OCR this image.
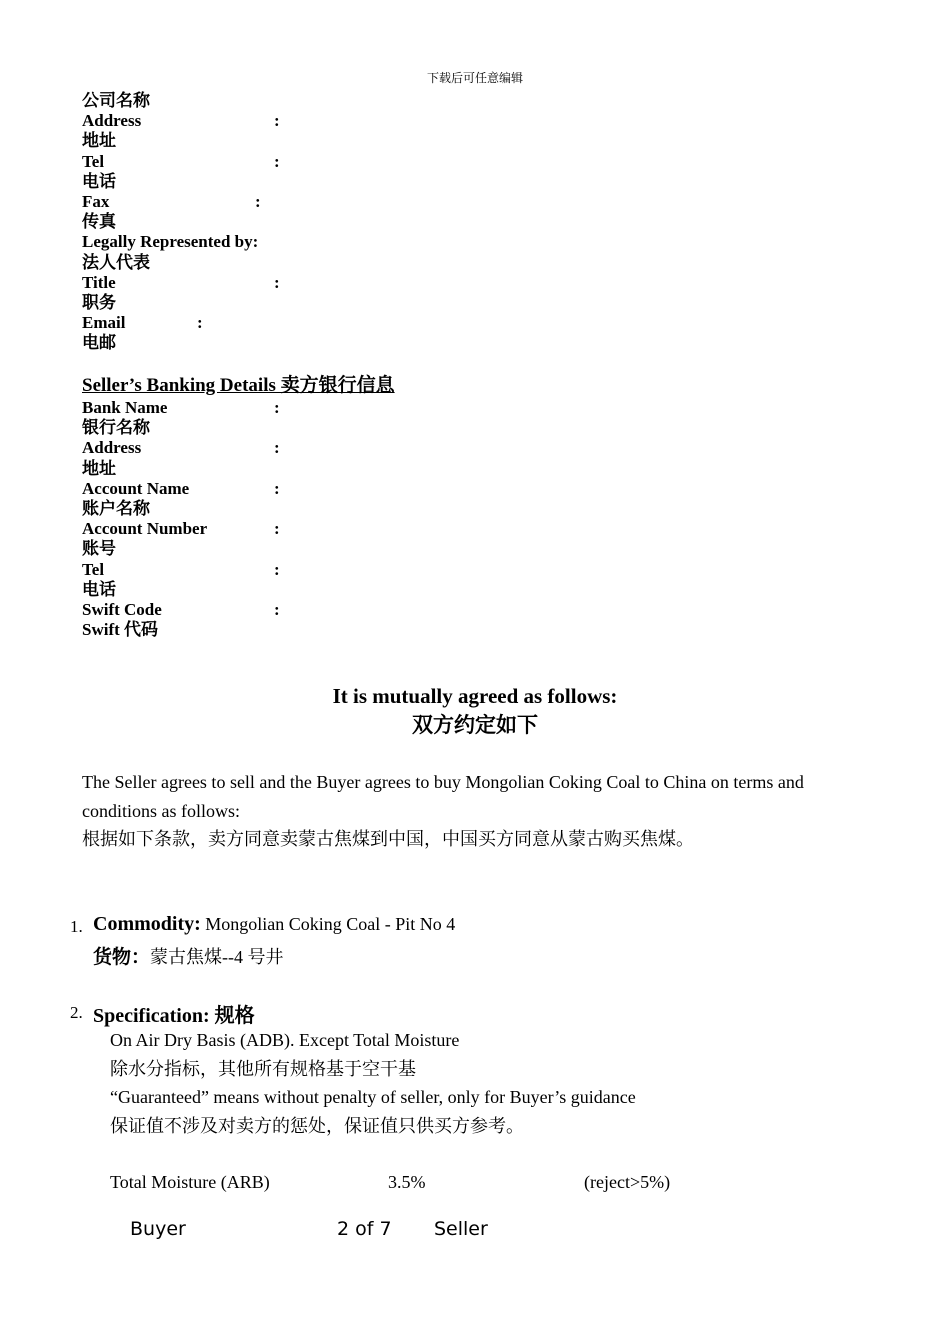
下载后可任意编辑
公司名称
Address	:
地址
Tel	:
电话
Fax	:
传真
Legally Represented by:
法人代表
Title	:
职务
Email	:
电邮
Seller’s Banking Details 卖方银行信息
Bank Name	:
银行名称
Address	:
地址
Account Name	:
账户名称
Account Number	:
账号
Tel	:
电话
Swift Code	:
Swift 代码
It is mutually agreed as follows:
双方约定如下
The Seller agrees to sell and the Buyer agrees to buy Mongolian Coking Coal to China on terms and conditions as follows:
根据如下条款，卖方同意卖蒙古焦煤到中国，中国买方同意从蒙古购买焦煤。
1. Commodity: Mongolian Coking Coal - Pit No 4
货物：蒙古焦煤--4 号井
2. Specification: 规格
On Air Dry Basis (ADB). Except Total Moisture
除水分指标，其他所有规格基于空干基
“Guaranteed” means without penalty of seller, only for Buyer’s guidance
保证值不涉及对卖方的惩处，保证值只供买方参考。
Total Moisture (ARB)	3.5%	(reject>5%)
Buyer	2 of 7 Seller
